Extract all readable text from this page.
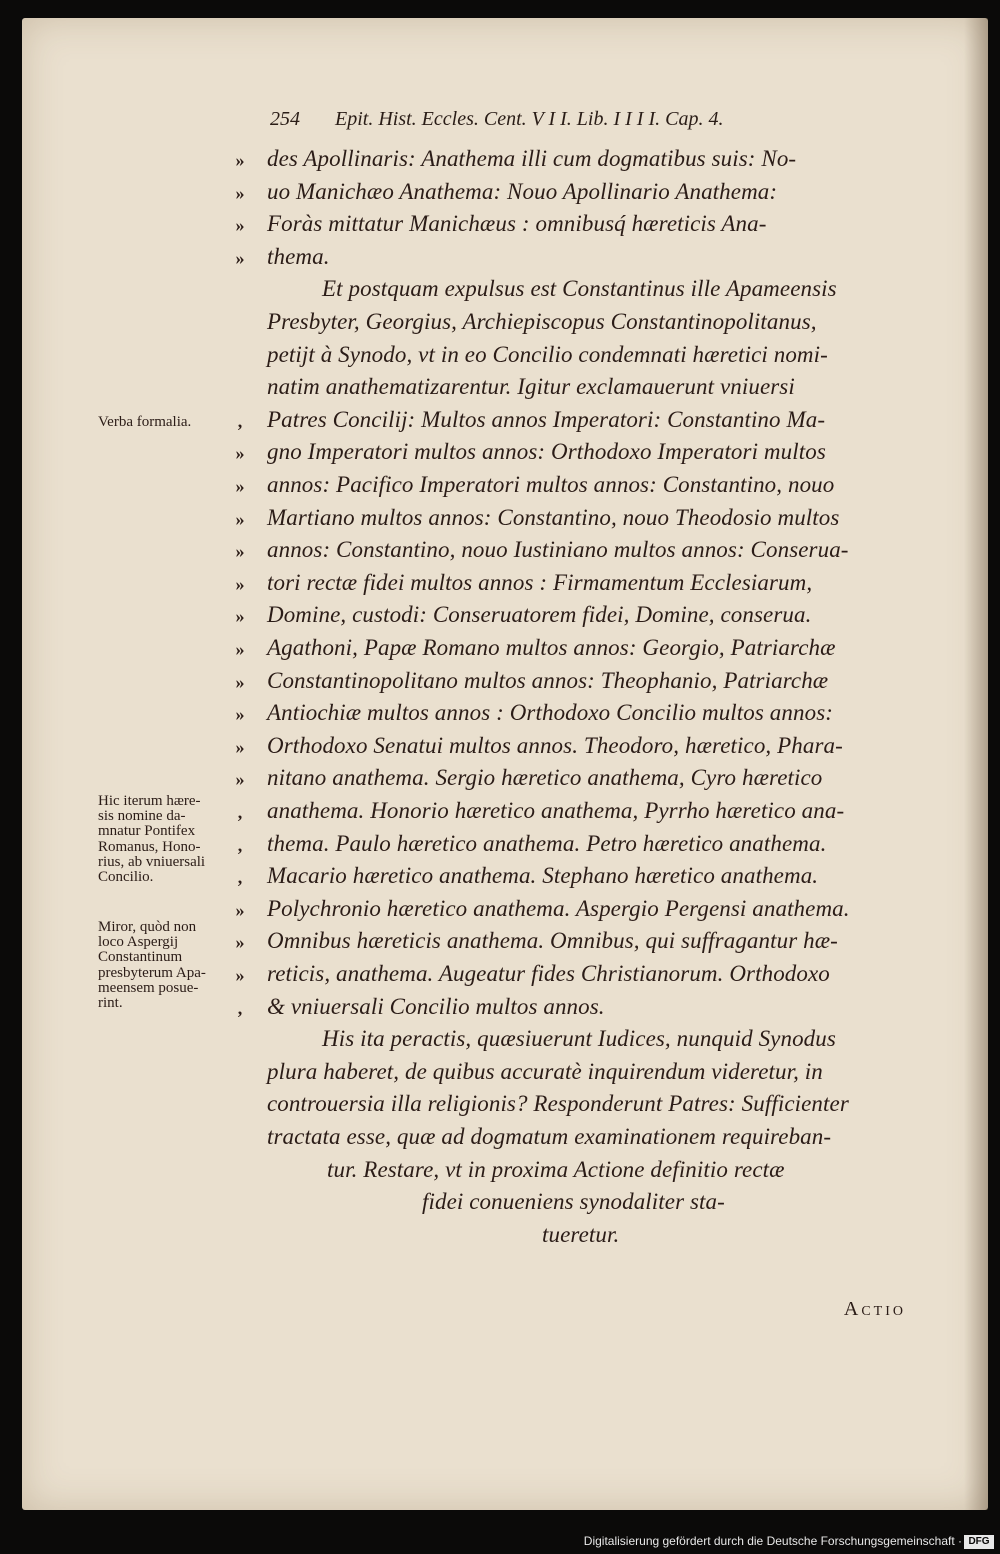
254 Epit. Hist. Eccles. Cent. V I I. Lib. I I I I. Cap. 4.
des Apollinaris: Anathema illi cum dogmatibus suis: No-
»
uo Manichæo Anathema: Nouo Apollinario Anathema:
»
Foràs mittatur Manichæus : omnibusq́ hæreticis Ana-
»
thema.
»
Et postquam expulsus est Constantinus ille Apameensis
Presbyter, Georgius, Archiepiscopus Constantinopolitanus,
petijt à Synodo, vt in eo Concilio condemnati hæretici nomi-
natim anathematizarentur. Igitur exclamauerunt vniuersi
Patres Concilij: Multos annos Imperatori: Constantino Ma-
,
gno Imperatori multos annos: Orthodoxo Imperatori multos
»
annos: Pacifico Imperatori multos annos: Constantino, nouo
»
Martiano multos annos: Constantino, nouo Theodosio multos
»
annos: Constantino, nouo Iustiniano multos annos: Conserua-
»
tori rectæ fidei multos annos : Firmamentum Ecclesiarum,
»
Domine, custodi: Conseruatorem fidei, Domine, conserua.
»
Agathoni, Papæ Romano multos annos: Georgio, Patriarchæ
»
Constantinopolitano multos annos: Theophanio, Patriarchæ
»
Antiochiæ multos annos : Orthodoxo Concilio multos annos:
»
Orthodoxo Senatui multos annos. Theodoro, hæretico, Phara-
»
nitano anathema. Sergio hæretico anathema, Cyro hæretico
»
anathema. Honorio hæretico anathema, Pyrrho hæretico ana-
,
thema. Paulo hæretico anathema. Petro hæretico anathema.
,
Macario hæretico anathema. Stephano hæretico anathema.
,
Polychronio hæretico anathema. Aspergio Pergensi anathema.
»
Omnibus hæreticis anathema. Omnibus, qui suffragantur hæ-
»
reticis, anathema. Augeatur fides Christianorum. Orthodoxo
»
& vniuersali Concilio multos annos.
,
His ita peractis, quæsiuerunt Iudices, nunquid Synodus
plura haberet, de quibus accuratè inquirendum videretur, in
controuersia illa religionis? Responderunt Patres: Sufficienter
tractata esse, quæ ad dogmatum examinationem requireban-
tur. Restare, vt in proxima Actione definitio rectæ
fidei conueniens synodaliter sta-
tueretur.
Verba formalia.
Hic iterum hære-
sis nomine da-
mnatur Pontifex
Romanus, Hono-
rius, ab vniuersali
Concilio.
Miror, quòd non
loco Aspergij
Constantinum
presbyterum Apa-
meensem posue-
rint.
Actio
Digitalisierung gefördert durch die Deutsche Forschungsgemeinschaft · DFG
